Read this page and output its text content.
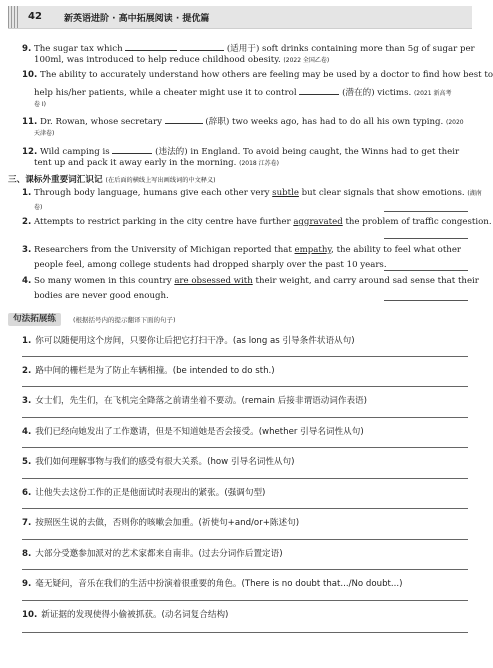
42 新英语进阶 · 高中拓展阅读 · 提优篇
9. The sugar tax which	(适用于) soft drinks containing more than 5g of sugar per
100ml, was introduced to help reduce childhood obesity. (2022 全国乙卷)
10. The ability to accurately understand how others are feeling may be used by a doctor to find how best to
help his/her patients, while a cheater might use it to control	(潜在的) victims. (2021 新高考
卷 Ⅰ)
11. Dr. Rowan, whose secretary	(辞职) two weeks ago, has had to do all his own typing. (2020
天津卷)
12. Wild camping is	(违法的) in England. To avoid being caught, the Winns had to get their
tent up and pack it away early in the morning. (2018 江苏卷)
三、课标外重要词汇识记 (在后面的横线上写出画线词的中文释义)
1. Through body language, humans give each other very subtle but clear signals that show emotions. (湖南
卷)
2. Attempts to restrict parking in the city centre have further aggravated the problem of traffic congestion.
3. Researchers from the University of Michigan reported that empathy, the ability to feel what other
people feel, among college students had dropped sharply over the past 10 years.
4. So many women in this country are obsessed with their weight, and carry around sad sense that their
bodies are never good enough.
句法拓展练	(根据括号内的提示翻译下面的句子)
1. 你可以随便用这个房间，只要你让后把它打扫干净。(as long as 引导条件状语从句)
2. 路中间的栅栏是为了防止车辆相撞。(be intended to do sth.)
3. 女士们，先生们，在飞机完全降落之前请坐着不要动。(remain 后接非谓语动词作表语)
4. 我们已经向她发出了工作邀请，但是不知道她是否会接受。(whether 引导名词性从句)
5. 我们如何理解事物与我们的感受有很大关系。(how 引导名词性从句)
6. 让他失去这份工作的正是他面试时表现出的紧张。(强调句型)
7. 按照医生说的去做，否则你的咳嗽会加重。(祈使句+and/or+陈述句)
8. 大部分受邀参加派对的艺术家都来自南非。(过去分词作后置定语)
9. 毫无疑问，音乐在我们的生活中扮演着很重要的角色。(There is no doubt that.../No doubt...)
10. 新证据的发现使得小偷被抓获。(动名词复合结构)
